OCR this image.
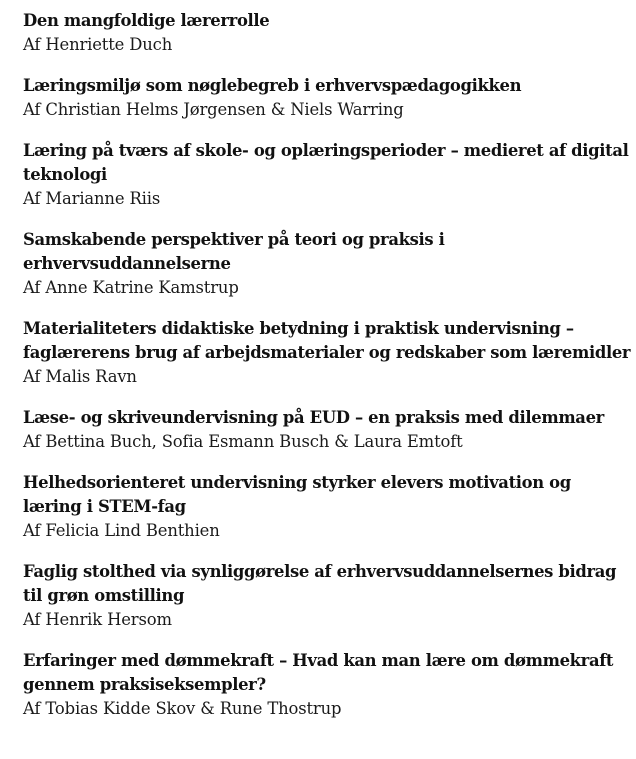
Den mangfoldige lærerrolle
Af Henriette Duch
Læringsmiljø som nøglebegreb i erhvervspædagogikken
Af Christian Helms Jørgensen & Niels Warring
Læring på tværs af skole- og oplæringsperioder – medieret af digital teknologi
Af Marianne Riis
Samskabende perspektiver på teori og praksis i erhvervsuddannelserne
Af Anne Katrine Kamstrup
Materialiteters didaktiske betydning i praktisk undervisning – faglærerens brug af arbejdsmaterialer og redskaber som læremidler
Af Malis Ravn
Læse- og skriveundervisning på EUD – en praksis med dilemmaer
Af Bettina Buch, Sofia Esmann Busch & Laura Emtoft
Helhedsorienteret undervisning styrker elevers motivation og læring i STEM-fag
Af Felicia Lind Benthien
Faglig stolthed via synliggørelse af erhvervsuddannelsernes bidrag til grøn omstilling
Af Henrik Hersom
Erfaringer med dømmekraft – Hvad kan man lære om dømmekraft gennem praksiseksempler?
Af Tobias Kidde Skov & Rune Thostrup
